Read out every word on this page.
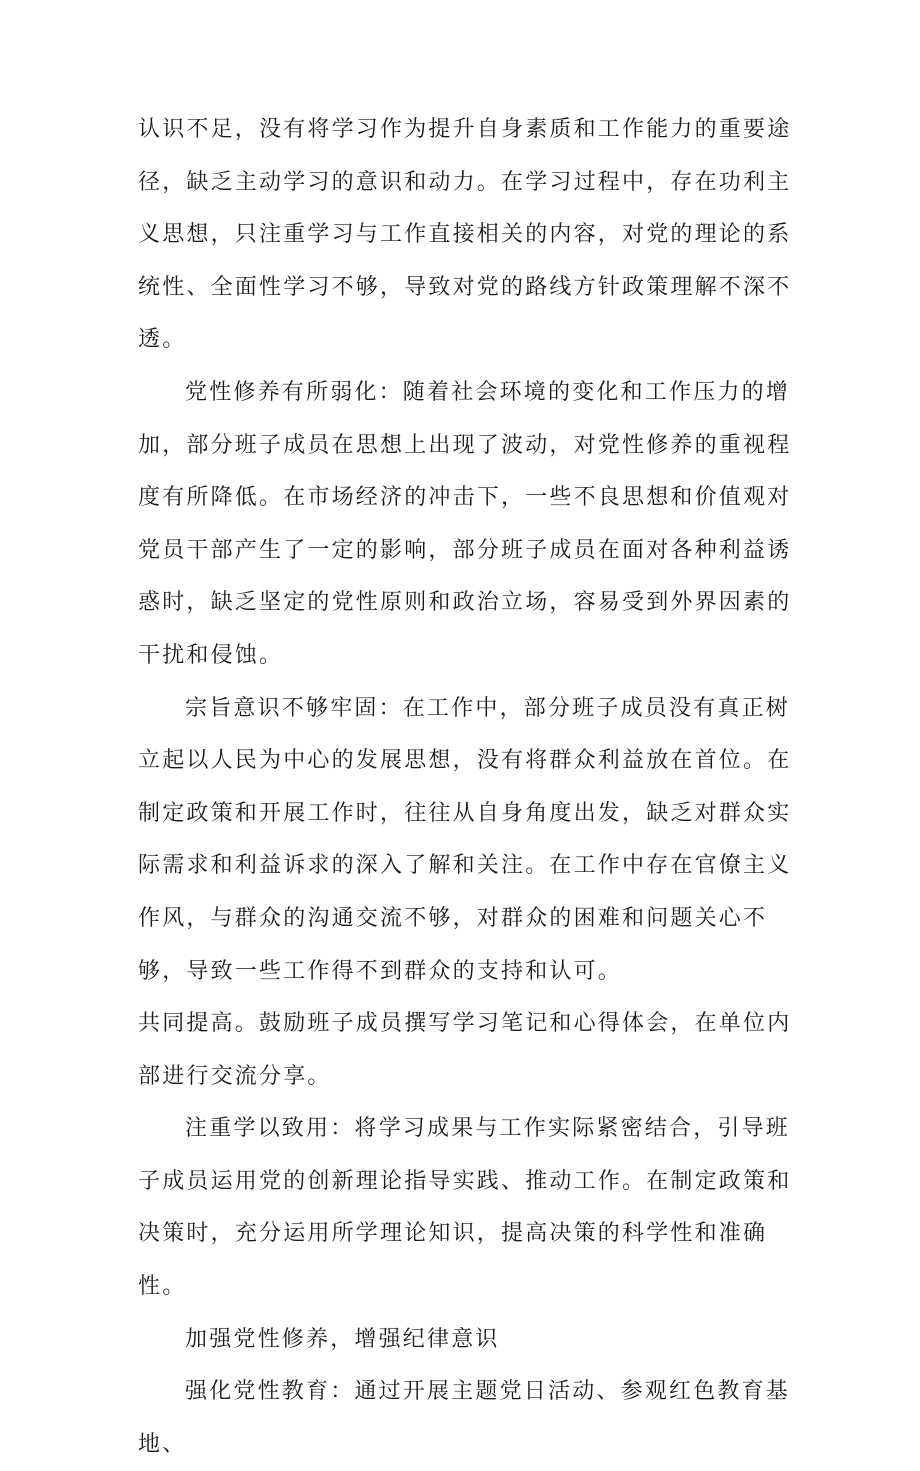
认识不足，没有将学习作为提升自身素质和工作能力的重要途径，缺乏主动学习的意识和动力。在学习过程中，存在功利主义思想，只注重学习与工作直接相关的内容，对党的理论的系统性、全面性学习不够，导致对党的路线方针政策理解不深不透。

党性修养有所弱化：随着社会环境的变化和工作压力的增加，部分班子成员在思想上出现了波动，对党性修养的重视程度有所降低。在市场经济的冲击下，一些不良思想和价值观对党员干部产生了一定的影响，部分班子成员在面对各种利益诱惑时，缺乏坚定的党性原则和政治立场，容易受到外界因素的干扰和侵蚀。

宗旨意识不够牢固：在工作中，部分班子成员没有真正树立起以人民为中心的发展思想，没有将群众利益放在首位。在制定政策和开展工作时，往往从自身角度出发，缺乏对群众实际需求和利益诉求的深入了解和关注。在工作中存在官僚主义作风，与群众的沟通交流不够，对群众的困难和问题关心不够，导致一些工作得不到群众的支持和认可。

共同提高。鼓励班子成员撰写学习笔记和心得体会，在单位内部进行交流分享。

注重学以致用：将学习成果与工作实际紧密结合，引导班子成员运用党的创新理论指导实践、推动工作。在制定政策和决策时，充分运用所学理论知识，提高决策的科学性和准确性。

加强党性修养，增强纪律意识

强化党性教育：通过开展主题党日活动、参观红色教育基地、
